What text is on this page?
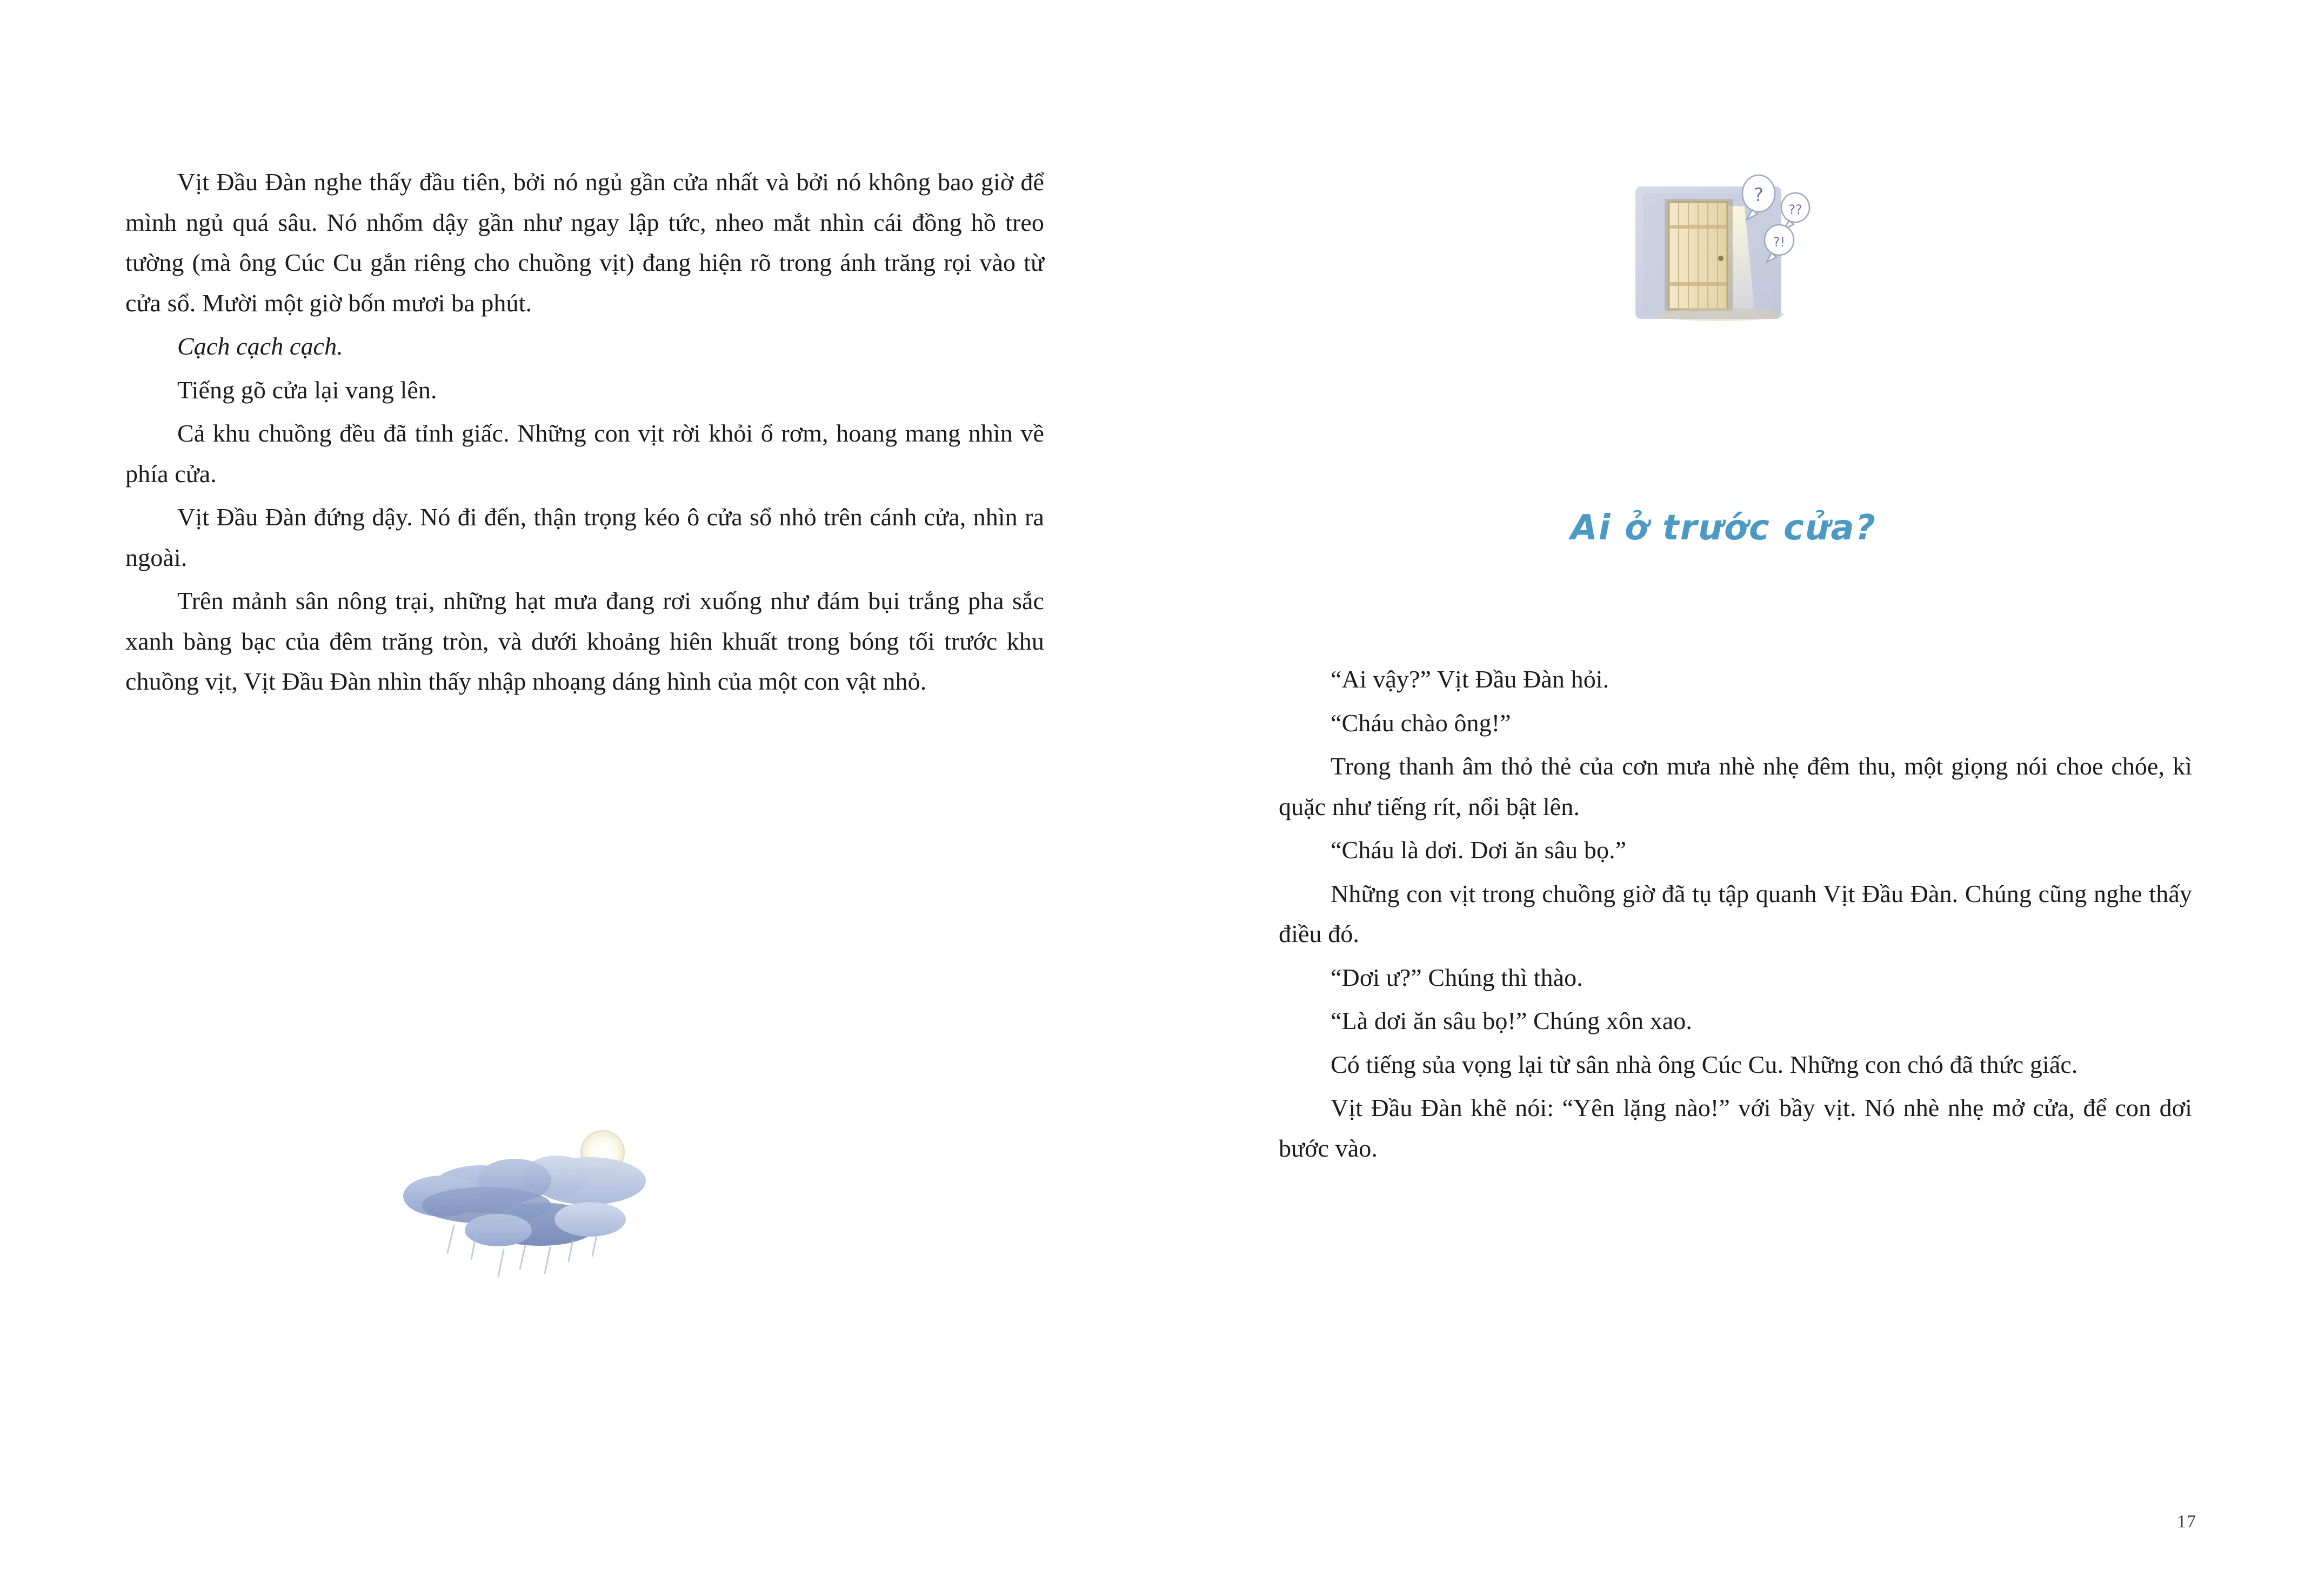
Vịt Đầu Đàn nghe thấy đầu tiên, bởi nó ngủ gần cửa nhất và bởi nó không bao giờ để mình ngủ quá sâu. Nó nhổm dậy gần như ngay lập tức, nheo mắt nhìn cái đồng hồ treo tường (mà ông Cúc Cu gắn riêng cho chuồng vịt) đang hiện rõ trong ánh trăng rọi vào từ cửa sổ. Mười một giờ bốn mươi ba phút.

Cạch cạch cạch.

Tiếng gõ cửa lại vang lên.

Cả khu chuồng đều đã tỉnh giấc. Những con vịt rời khỏi ổ rơm, hoang mang nhìn về phía cửa.

Vịt Đầu Đàn đứng dậy. Nó đi đến, thận trọng kéo ô cửa sổ nhỏ trên cánh cửa, nhìn ra ngoài.

Trên mảnh sân nông trại, những hạt mưa đang rơi xuống như đám bụi trắng pha sắc xanh bàng bạc của đêm trăng tròn, và dưới khoảng hiên khuất trong bóng tối trước khu chuồng vịt, Vịt Đầu Đàn nhìn thấy nhập nhoạng dáng hình của một con vật nhỏ.

?
??
?!
Ai ở trước cửa?

“Ai vậy?” Vịt Đầu Đàn hỏi.

“Cháu chào ông!”

Trong thanh âm thỏ thẻ của cơn mưa nhè nhẹ đêm thu, một giọng nói choe chóe, kì quặc như tiếng rít, nổi bật lên.

“Cháu là dơi. Dơi ăn sâu bọ.”

Những con vịt trong chuồng giờ đã tụ tập quanh Vịt Đầu Đàn. Chúng cũng nghe thấy điều đó.

“Dơi ư?” Chúng thì thào.

“Là dơi ăn sâu bọ!” Chúng xôn xao.

Có tiếng sủa vọng lại từ sân nhà ông Cúc Cu. Những con chó đã thức giấc.

Vịt Đầu Đàn khẽ nói: “Yên lặng nào!” với bầy vịt. Nó nhè nhẹ mở cửa, để con dơi bước vào.

17
